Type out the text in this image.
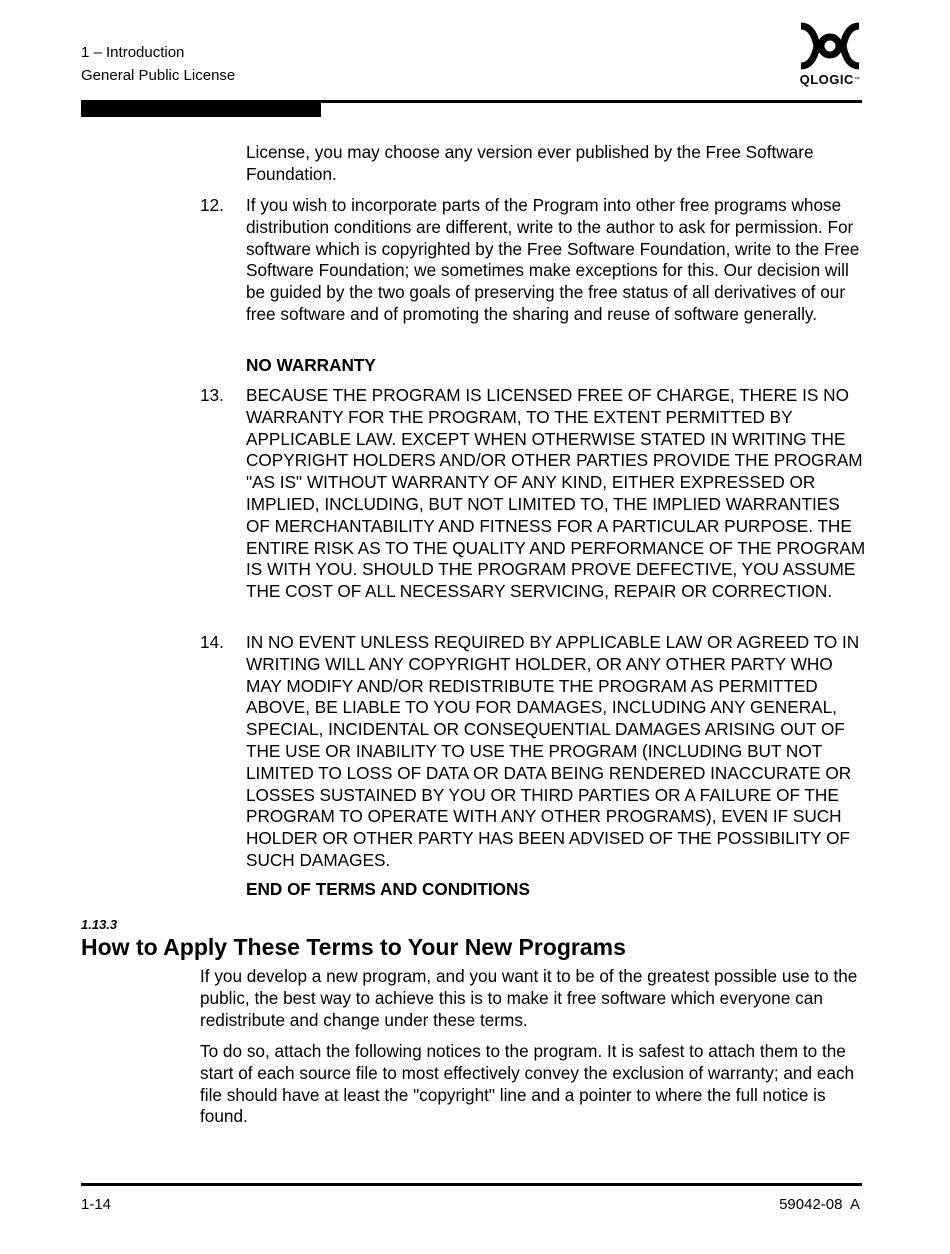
1 – Introduction
General Public License	QLOGIC™
License, you may choose any version ever published by the Free Software Foundation.
12.	If you wish to incorporate parts of the Program into other free programs whose distribution conditions are different, write to the author to ask for permission. For software which is copyrighted by the Free Software Foundation, write to the Free Software Foundation; we sometimes make exceptions for this. Our decision will be guided by the two goals of preserving the free status of all derivatives of our free software and of promoting the sharing and reuse of software generally.
NO WARRANTY
13.	BECAUSE THE PROGRAM IS LICENSED FREE OF CHARGE, THERE IS NO WARRANTY FOR THE PROGRAM, TO THE EXTENT PERMITTED BY APPLICABLE LAW. EXCEPT WHEN OTHERWISE STATED IN WRITING THE COPYRIGHT HOLDERS AND/OR OTHER PARTIES PROVIDE THE PROGRAM "AS IS" WITHOUT WARRANTY OF ANY KIND, EITHER EXPRESSED OR IMPLIED, INCLUDING, BUT NOT LIMITED TO, THE IMPLIED WARRANTIES OF MERCHANTABILITY AND FITNESS FOR A PARTICULAR PURPOSE. THE ENTIRE RISK AS TO THE QUALITY AND PERFORMANCE OF THE PROGRAM IS WITH YOU. SHOULD THE PROGRAM PROVE DEFECTIVE, YOU ASSUME THE COST OF ALL NECESSARY SERVICING, REPAIR OR CORRECTION.
14.	IN NO EVENT UNLESS REQUIRED BY APPLICABLE LAW OR AGREED TO IN WRITING WILL ANY COPYRIGHT HOLDER, OR ANY OTHER PARTY WHO MAY MODIFY AND/OR REDISTRIBUTE THE PROGRAM AS PERMITTED ABOVE, BE LIABLE TO YOU FOR DAMAGES, INCLUDING ANY GENERAL, SPECIAL, INCIDENTAL OR CONSEQUENTIAL DAMAGES ARISING OUT OF THE USE OR INABILITY TO USE THE PROGRAM (INCLUDING BUT NOT LIMITED TO LOSS OF DATA OR DATA BEING RENDERED INACCURATE OR LOSSES SUSTAINED BY YOU OR THIRD PARTIES OR A FAILURE OF THE PROGRAM TO OPERATE WITH ANY OTHER PROGRAMS), EVEN IF SUCH HOLDER OR OTHER PARTY HAS BEEN ADVISED OF THE POSSIBILITY OF SUCH DAMAGES.
END OF TERMS AND CONDITIONS
1.13.3
How to Apply These Terms to Your New Programs
If you develop a new program, and you want it to be of the greatest possible use to the public, the best way to achieve this is to make it free software which everyone can redistribute and change under these terms.
To do so, attach the following notices to the program. It is safest to attach them to the start of each source file to most effectively convey the exclusion of warranty; and each file should have at least the "copyright" line and a pointer to where the full notice is found.
1-14	59042-08  A
